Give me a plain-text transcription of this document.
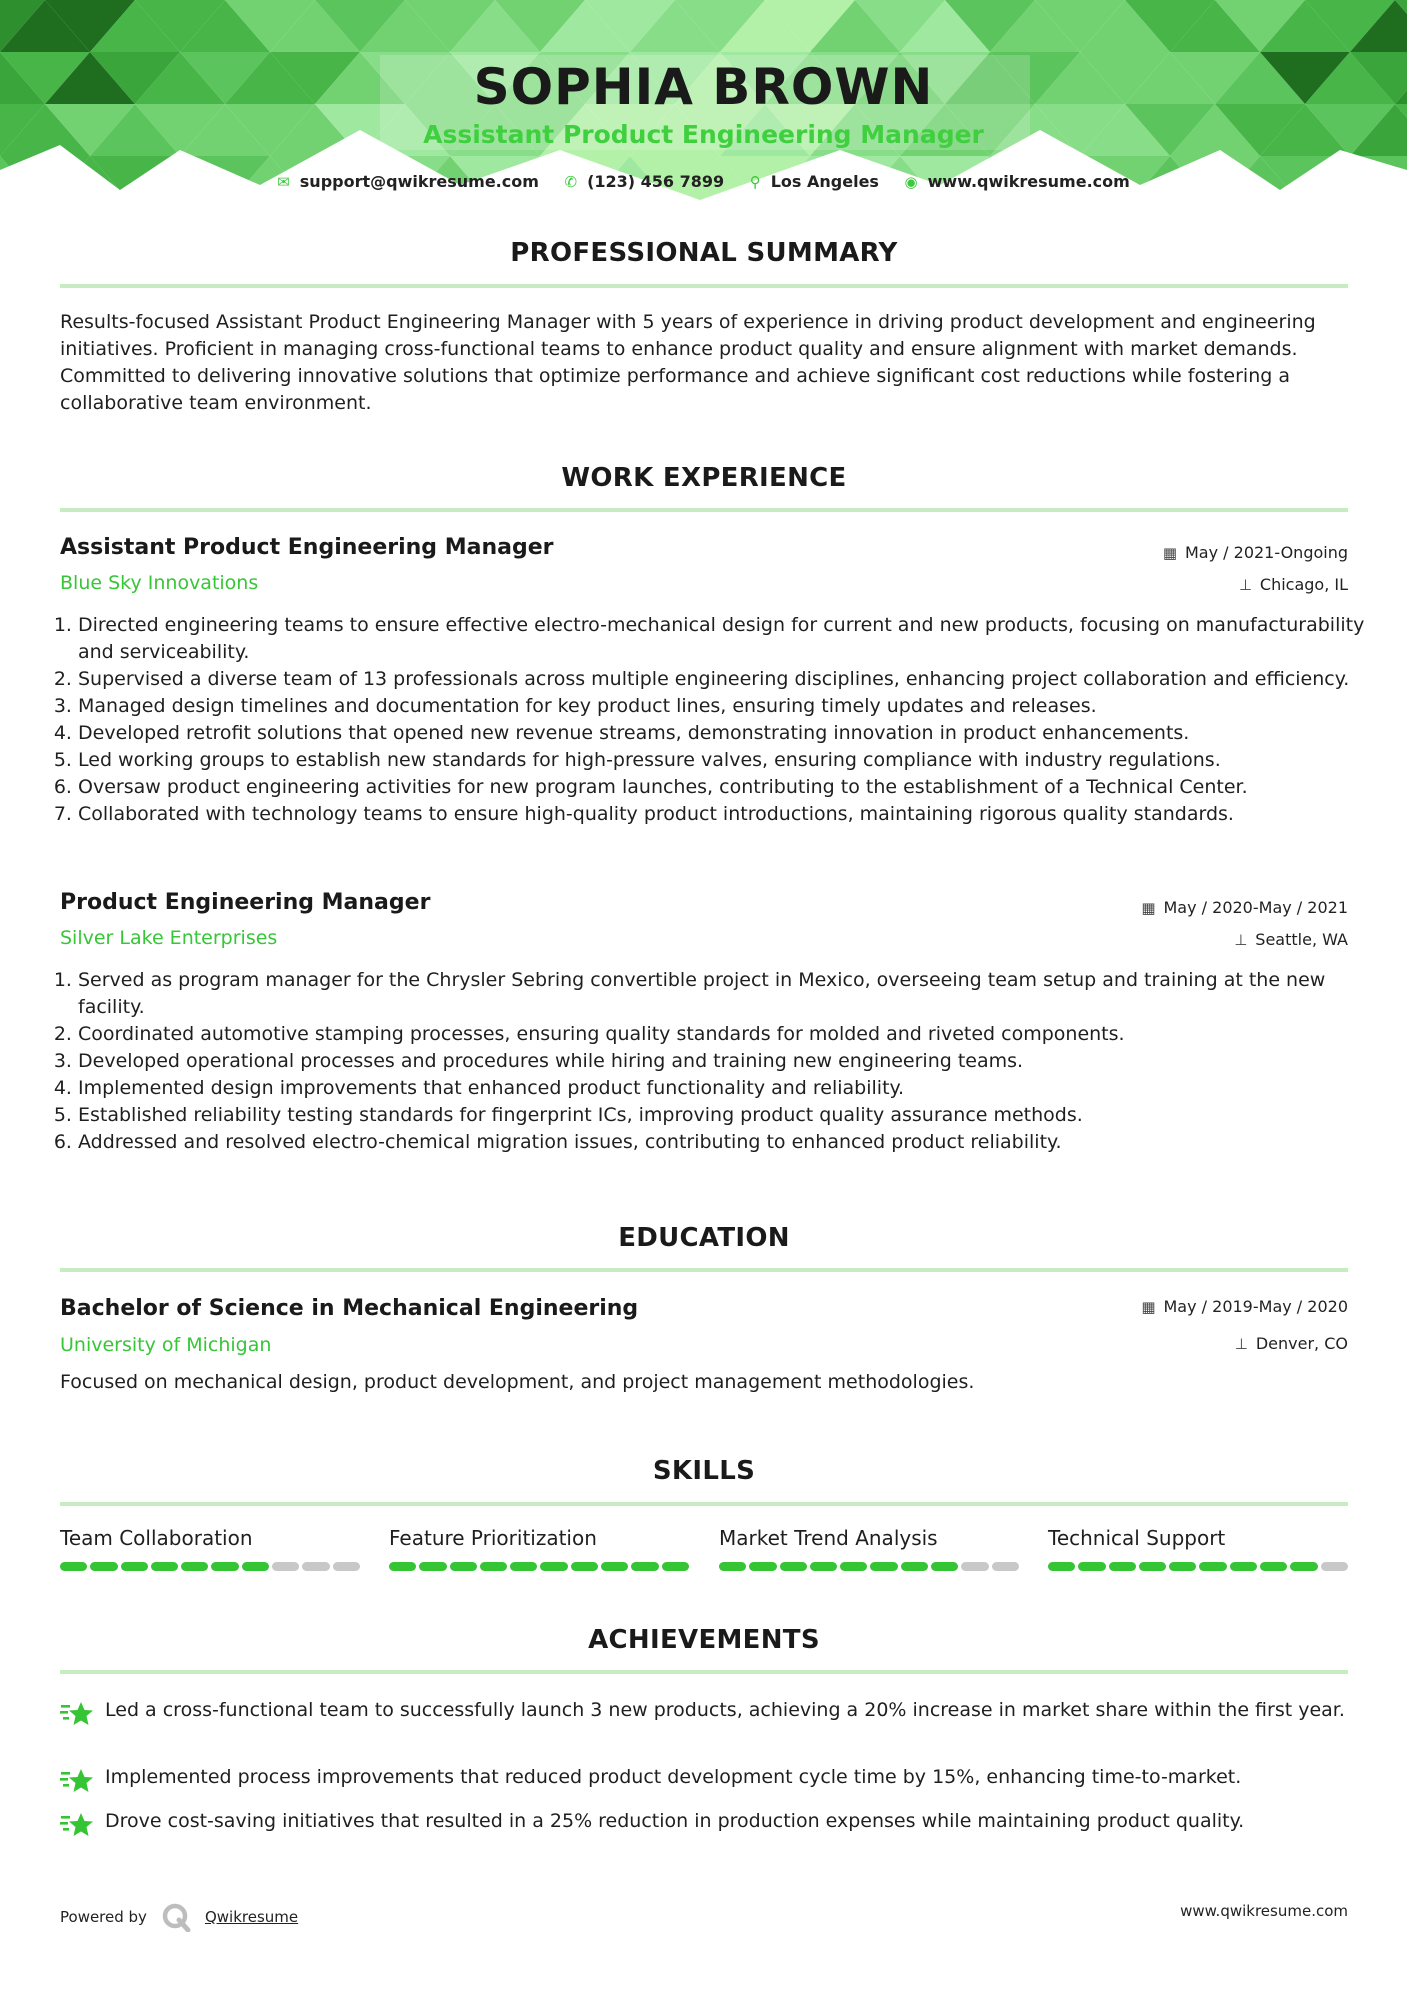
SOPHIA BROWN
Assistant Product Engineering Manager
✉ support@qwikresume.com ✆ (123) 456 7899 ⚲ Los Angeles ◉ www.qwikresume.com
PROFESSIONAL SUMMARY

Results-focused Assistant Product Engineering Manager with 5 years of experience in driving product development and engineering initiatives. Proficient in managing cross-functional teams to enhance product quality and ensure alignment with market demands. Committed to delivering innovative solutions that optimize performance and achieve significant cost reductions while fostering a collaborative team environment.

WORK EXPERIENCE
Assistant Product Engineering Manager	▦ May / 2021-Ongoing
Blue Sky Innovations	⊥ Chicago, IL
1. Directed engineering teams to ensure effective electro-mechanical design for current and new products, focusing on manufacturability and serviceability.
2. Supervised a diverse team of 13 professionals across multiple engineering disciplines, enhancing project collaboration and efficiency.
3. Managed design timelines and documentation for key product lines, ensuring timely updates and releases.
4. Developed retrofit solutions that opened new revenue streams, demonstrating innovation in product enhancements.
5. Led working groups to establish new standards for high-pressure valves, ensuring compliance with industry regulations.
6. Oversaw product engineering activities for new program launches, contributing to the establishment of a Technical Center.
7. Collaborated with technology teams to ensure high-quality product introductions, maintaining rigorous quality standards.
Product Engineering Manager	▦ May / 2020-May / 2021
Silver Lake Enterprises	⊥ Seattle, WA
1. Served as program manager for the Chrysler Sebring convertible project in Mexico, overseeing team setup and training at the new facility.
2. Coordinated automotive stamping processes, ensuring quality standards for molded and riveted components.
3. Developed operational processes and procedures while hiring and training new engineering teams.
4. Implemented design improvements that enhanced product functionality and reliability.
5. Established reliability testing standards for fingerprint ICs, improving product quality assurance methods.
6. Addressed and resolved electro-chemical migration issues, contributing to enhanced product reliability.
EDUCATION
Bachelor of Science in Mechanical Engineering	▦ May / 2019-May / 2020
University of Michigan	⊥ Denver, CO

Focused on mechanical design, product development, and project management methodologies.

SKILLS
Team Collaboration	Feature Prioritization	Market Trend Analysis	Technical Support
ACHIEVEMENTS
Led a cross-functional team to successfully launch 3 new products, achieving a 20% increase in market share within the first year.
Implemented process improvements that reduced product development cycle time by 15%, enhancing time-to-market.
Drove cost-saving initiatives that resulted in a 25% reduction in production expenses while maintaining product quality.
Powered by	Qwikresume	www.qwikresume.com
